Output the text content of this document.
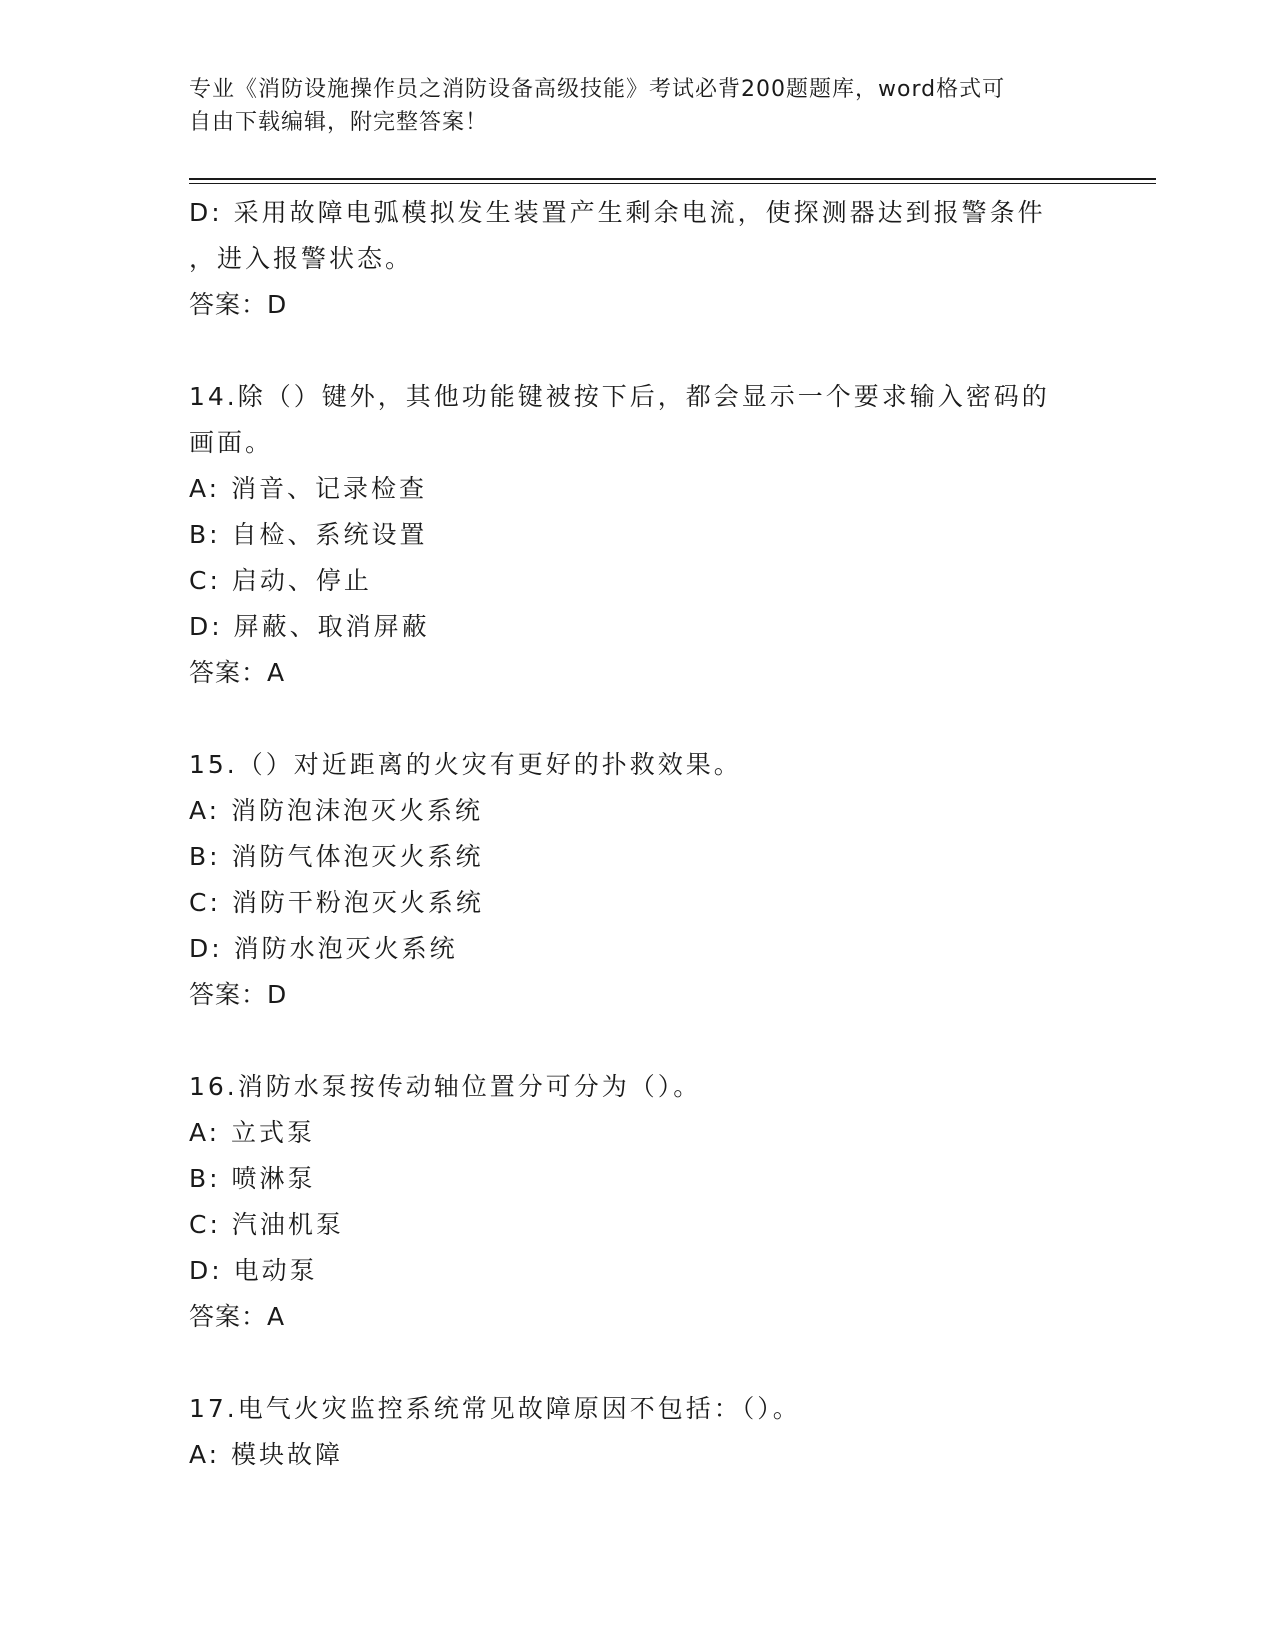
专业《消防设施操作员之消防设备高级技能》考试必背200题题库，word格式可
自由下载编辑，附完整答案！
D: 采用故障电弧模拟发生装置产生剩余电流，使探测器达到报警条件
，进入报警状态。
答案：D
14.除（）键外，其他功能键被按下后，都会显示一个要求输入密码的
画面。
A: 消音、记录检查
B: 自检、系统设置
C: 启动、停止
D: 屏蔽、取消屏蔽
答案：A
15.（）对近距离的火灾有更好的扑救效果。
A: 消防泡沫泡灭火系统
B: 消防气体泡灭火系统
C: 消防干粉泡灭火系统
D: 消防水泡灭火系统
答案：D
16.消防水泵按传动轴位置分可分为（）。
A: 立式泵
B: 喷淋泵
C: 汽油机泵
D: 电动泵
答案：A
17.电气火灾监控系统常见故障原因不包括：（）。
A: 模块故障
